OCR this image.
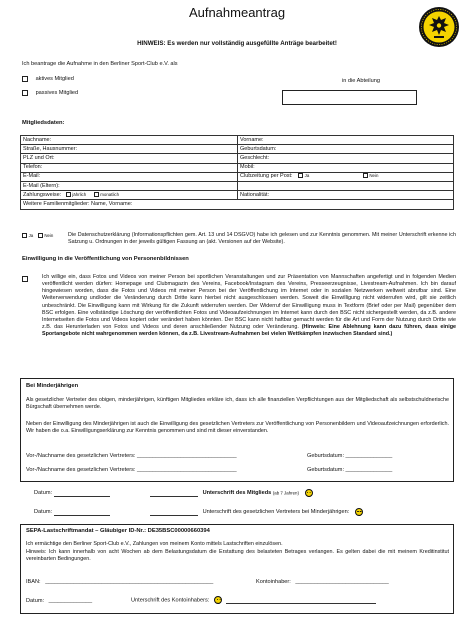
Aufnahmeantrag
HINWEIS: Es werden nur vollständig ausgefüllte Anträge bearbeitet!
Ich beantrage die Aufnahme in den Berliner Sport-Club e.V. als
aktives Mitglied
passives Mitglied
in die Abteilung
Mitgliedsdaten:
Nachname:	Vorname:
Straße, Hausnummer:	Geburtsdatum:
PLZ und Ort:	Geschlecht:
Telefon:	Mobil:
E-Mail:	Clubzeitung per Post: Ja Nein
E-Mail (Eltern):	
Zahlungsweise: jährlich monatlich	Nationalität:
Weitere Familienmitglieder: Name, Vorname:	
Ja	Nein	Die Datenschutzerklärung (Informationspflichten gem. Art. 13 und 14 DSGVO) habe ich gelesen und zur Kenntnis genommen. Mit meiner Unterschrift erkenne ich Satzung u. Ordnungen in der jeweils gültigen Fassung an (akt. Versionen auf der Website).
Einwilligung in die Veröffentlichung von Personenbildnissen
Ich willige ein, dass Fotos und Videos von meiner Person bei sportlichen Veranstaltungen und zur Präsentation von Mannschaften angefertigt und in folgenden Medien veröffentlicht werden dürfen: Homepage und Clubmagazin des Vereins, Facebook/Instagram des Vereins, Presseerzeugnisse, Livestream-Aufnahmen. Ich bin darauf hingewiesen worden, dass die Fotos und Videos mit meiner Person bei der Veröffentlichung im Internet oder in sozialen Netzwerken weltweit abrufbar sind. Eine Weiterverwendung und/oder die Veränderung durch Dritte kann hierbei nicht ausgeschlossen werden. Soweit die Einwilligung nicht widerrufen wird, gilt sie zeitlich unbeschränkt. Die Einwilligung kann mit Wirkung für die Zukunft widerrufen werden. Der Widerruf der Einwilligung muss in Textform (Brief oder per Mail) gegenüber dem BSC erfolgen. Eine vollständige Löschung der veröffentlichten Fotos und Videoaufzeichnungen im Internet kann durch den BSC nicht sichergestellt werden, da z.B. andere Internetseiten die Fotos und Videos kopiert oder verändert haben könnten. Der BSC kann nicht haftbar gemacht werden für die Art und Form der Nutzung durch Dritte wie z.B. das Herunterladen von Fotos und Videos und deren anschließender Nutzung oder Veränderung. (Hinweis: Eine Ablehnung kann dazu führen, dass einige Sportangebote nicht wahrgenommen werden können, da z.B. Livestream-Aufnahmen bei vielen Wettkämpfen inzwischen Standard sind.)
Bei Minderjährigen
Als gesetzlicher Vertreter des obigen, minderjährigen, künftigen Mitgliedes erkläre ich, dass ich alle finanziellen Verpflichtungen aus der Mitgliedschaft als selbstschuldnerische Bürgschaft übernehmen werde.
Neben der Einwilligung des Minderjährigen ist auch die Einwilligung des gesetzlichen Vertreters zur Veröffentlichung von Personenbildern und Videoaufzeichnungen erforderlich. Wir haben die o.a. Einwilligungserklärung zur Kenntnis genommen und sind mit dieser einverstanden.
Vor-/Nachname des gesetzlichen Vertreters: ________________________________	Geburtsdatum: _______________
Vor-/Nachname des gesetzlichen Vertreters: ________________________________	Geburtsdatum: _______________
Datum:	Unterschrift des Mitglieds (ab 7 Jahren)
Datum:	Unterschrift des gesetzlichen Vertreters bei Minderjährigen:
SEPA-Lastschriftmandat – Gläubiger ID-Nr.: DE35BSC00000660394
Ich ermächtige den Berliner Sport-Club e.V., Zahlungen von meinem Konto mittels Lastschriften einzulösen.
Hinweis: Ich kann innerhalb von acht Wochen ab dem Belastungsdatum die Erstattung des belasteten Betrages verlangen. Es gelten dabei die mit meinem Kreditinstitut vereinbarten Bedingungen.
IBAN: ______________________________________________________	Kontoinhaber: ______________________________
Datum: ______________	Unterschrift des Kontoinhabers:
